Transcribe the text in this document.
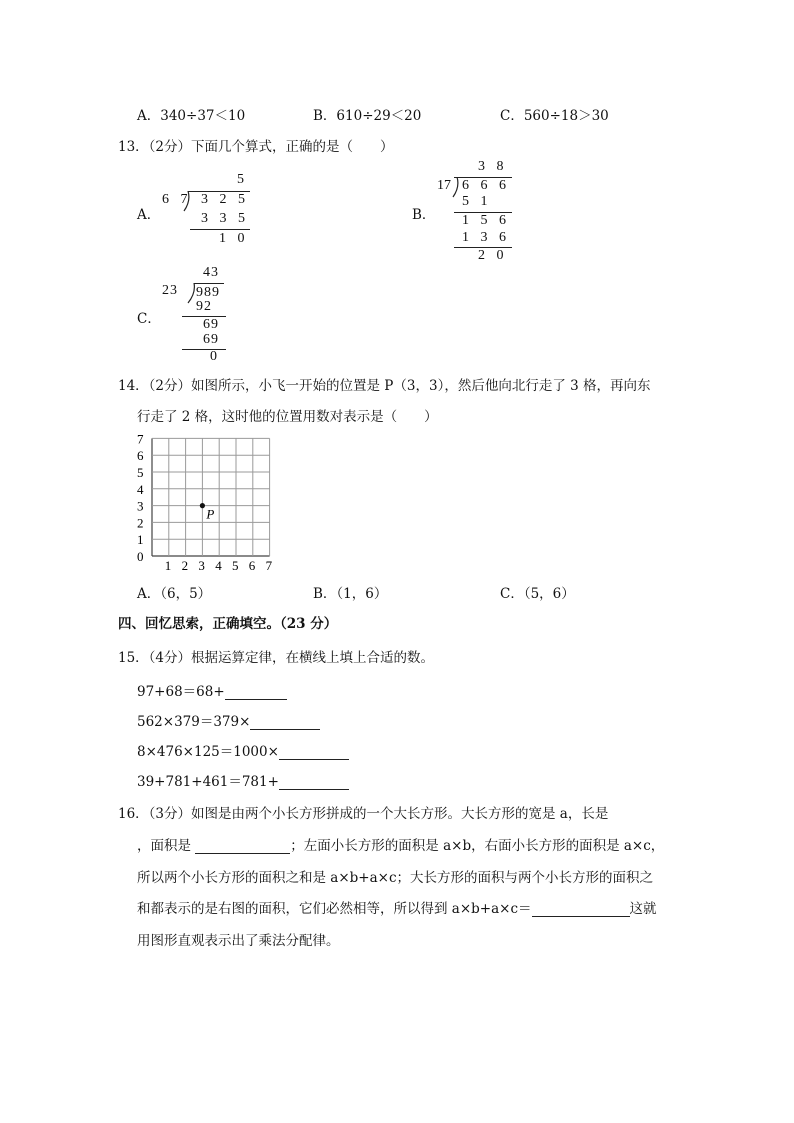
A．340÷37＜10	B．610÷29＜20	C．560÷18＞30
13．（2分）下面几个算式，正确的是（　　）
A．
5
6 7 3 2 5
3 3 5
1 0
B．
3 8
17 6 6 6
5 1
1 5 6
1 3 6
2 0
C．
43
23 989
92
69
69
0
14．（2分）如图所示，小飞一开始的位置是 P（3，3），然后他向北行走了 3 格，再向东
行走了 2 格，这时他的位置用数对表示是（　　）
7
6
5
4
3
2
1
0
1 2 3 4 5 6 7
P
A．（6，5）	B．（1，6）	C．（5，6）
四、回忆思索，正确填空。（23 分）
15．（4分）根据运算定律，在横线上填上合适的数。
97+68＝68+
562×379＝379×
8×476×125＝1000×
39+781+461＝781+
16．（3分）如图是由两个小长方形拼成的一个大长方形。大长方形的宽是 a，长是
，面积是	；左面小长方形的面积是 a×b，右面小长方形的面积是 a×c，
所以两个小长方形的面积之和是 a×b+a×c；大长方形的面积与两个小长方形的面积之
和都表示的是右图的面积，它们必然相等，所以得到 a×b+a×c＝	这就
用图形直观表示出了乘法分配律。
